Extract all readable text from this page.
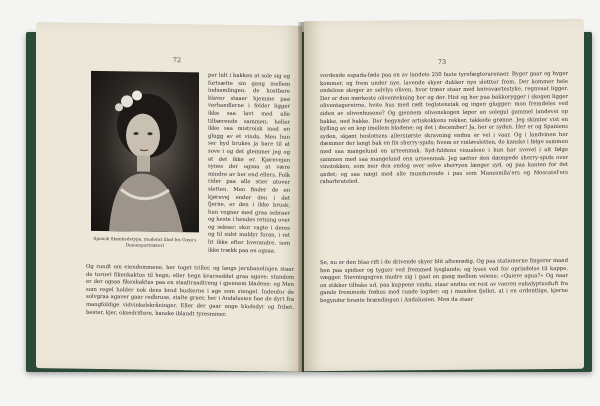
72
Spansk Skønhedstype, moderat blod fra Goya's Damenportræter)

per lidt i bakken at sole sig og fortsætte sin gang mellem indsamlingen; de kostbare klaver staaer hjemme paa verhandlerne i felder ligger ikke saa lavt med alle tilbærende sammen; heller ikke saa mistroisk mod en glugg av et vindu. Men hun ser hyd brukes ja bare til at sove i og det glemmer jeg og at det ikke er. Kjørevejen synes der ogsaa at være mindre av her end ellers. Folk rider paa alle stier utover sletten. Men finder de en kjørevej ender den i det fjerne, er den i ikke brusk; hun vogner med graa sebraer og heste i hendes retning over og sekser; skor vagte i deres og til sidst muldyr foran, i ret lit ikke efter hverandre, som ikke trækk paa en ogsaa.

Og rundt om eiendommene, her toget triller, og langs jernbanelinjen staar de tornet fikenkaktus til hegn; eller hegn kvarneddet graa agave; stundom er der ogsaa fikenkaktus paa en staaltraadtreng i gjennem bladene; og Men som regel holder nok dens brod buskerne i age som stengel. Indenfor de solvgraa agaver gaar redbruse, stalte gruer, her i Andalusien hae de dyrt fra mangfoldige vidvinkelskråninger. Eller der gaar unge blodsdyr og frihet, bester, kjer, oksedriftere, kanske iblandt tyresmmer.

73

vordende espada-føde paa en av landets 250 faste tyrefægterarenaer. Byger gaar og byger kommer, og frem under nye, lavende skyer dukker nye slettter frem. Der kommer hele endelose skoger av selvlys oliven, hvor træer staar med knivsværtestyke, regnvaat ligger. Der er den mørkeste oliventekning her og der. Hist og her paa bakkerygger i skogen ligger oliventagereirne, hvite hus med rødt teglstenstak og ingen glugger; mon fremdeles ved siden av olivenhusene? Og gjennem olivenskogen løper en solegul gammel landevei op bakke, ned bakke. Der begynder artiskokkens rekker, takkede grønne. Jeg skimter vist en kylling av en kop imellem bladene; og det i december! Ja, her er syden. Her er og Spaniens syden, skjønt hoslottens allerstørste skravning endnu er vel i vaar. Og i landvinen her dæmmer der langt bak en fin sherry-spids; hvem er vinløvsletten, de kanske i følge sammen med saa mangelund en urteenmak. Syd-fuldens visualene i hun har svovel i alt følge sammen med saa mangelund enn urteenmak. Jeg sætter den dæmpede sherry-spids over vinstokken, som mer den endog over selve sherryen længer syd, og paa kanten for det andet; og saa nægt med alle mundurende i pas som Manzanilla'ers og Moscatel'ers rabarbrateled.

Se, nu er den blaa rift i de drivende skyer blit aftenrødig. Og paa stationerne fingerer mand hen paa spidser og tygser ved fremmed lysglande; og lyses ved for oprindelse til kappe, vægger. Stevningsgren mudre sig i gaat en gang mellem veiene; «Quiere agua?» Og naar en stikker tilbake ud, paa kuppene vindu, staar endnu en rest av vaeren eukalyptusduft fra gamle fremmede frøhus med runde logder; og i munden fjellet, at i en ordentlige, kjerne begynder brante brændingen i Andalusien. Men da staar
